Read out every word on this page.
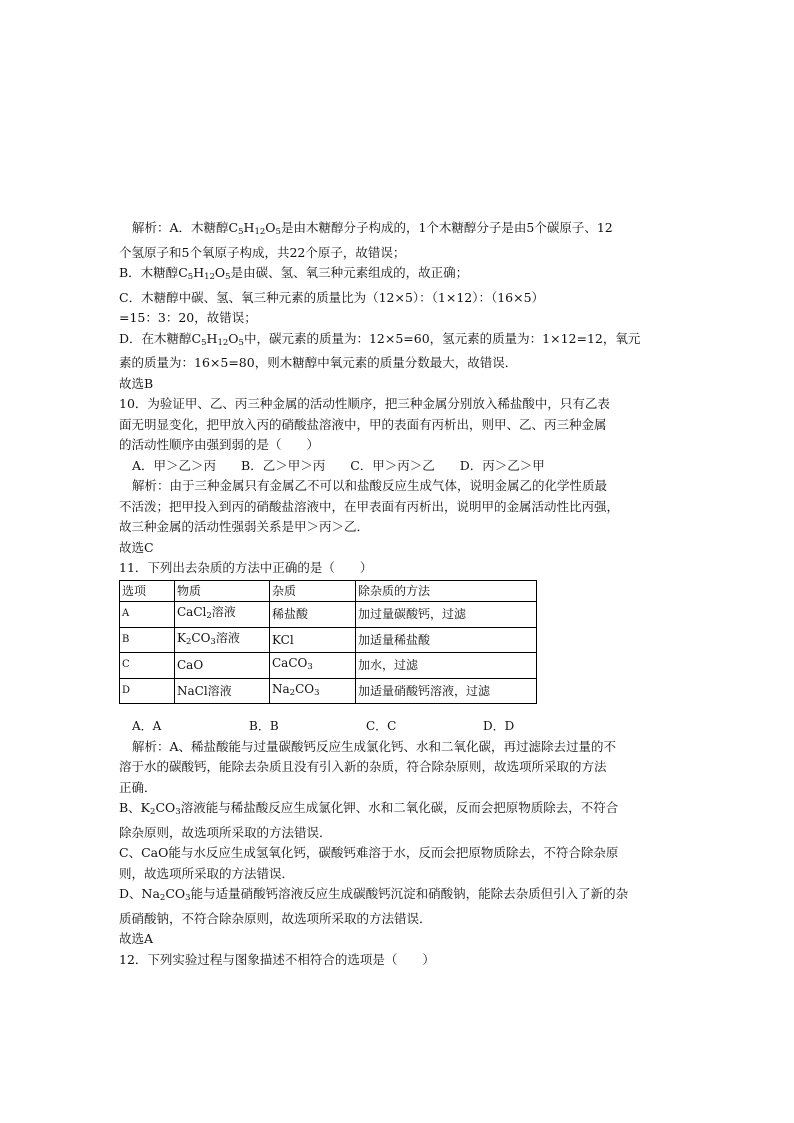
解析：A．木糖醇$C_5H_{12}O_5$是由木糖醇分子构成的，1个木糖醇分子是由5个碳原子、12

个氢原子和5个氧原子构成，共22个原子，故错误；

B．木糖醇$C_5H_{12}O_5$是由碳、氢、氧三种元素组成的，故正确；

C．木糖醇中碳、氢、氧三种元素的质量比为（12×5）：（1×12）：（16×5）

=15：3：20，故错误；

D．在木糖醇$C_5H_{12}O_5$中，碳元素的质量为：12×5=60，氢元素的质量为：1×12=12，氧元

素的质量为：16×5=80，则木糖醇中氧元素的质量分数最大，故错误．

故选B

10．为验证甲、乙、丙三种金属的活动性顺序，把三种金属分别放入稀盐酸中，只有乙表

面无明显变化，把甲放入丙的硝酸盐溶液中，甲的表面有丙析出，则甲、乙、丙三种金属

的活动性顺序由强到弱的是（　　）

A．甲＞乙＞丙　　B．乙＞甲＞丙　　C．甲＞丙＞乙　　D．丙＞乙＞甲

解析：由于三种金属只有金属乙不可以和盐酸反应生成气体，说明金属乙的化学性质最

不活泼；把甲投入到丙的硝酸盐溶液中，在甲表面有丙析出，说明甲的金属活动性比丙强，

故三种金属的活动性强弱关系是甲＞丙＞乙．

故选C

11．下列出去杂质的方法中正确的是（　　）

选项	物质	杂质	除杂质的方法
A	CaCl$_2$溶液	稀盐酸	加过量碳酸钙，过滤
B	$K_2CO_3$溶液	KCl	加适量稀盐酸
C	CaO	CaCO$_3$	加水，过滤
D	NaCl溶液	$Na_2CO_3$	加适量硝酸钙溶液，过滤
A．A	B．B	C．C	D．D

解析：A、稀盐酸能与过量碳酸钙反应生成氯化钙、水和二氧化碳，再过滤除去过量的不

溶于水的碳酸钙，能除去杂质且没有引入新的杂质，符合除杂原则，故选项所采取的方法

正确．

B、$K_2CO_3$溶液能与稀盐酸反应生成氯化钾、水和二氧化碳，反而会把原物质除去，不符合

除杂原则，故选项所采取的方法错误．

C、CaO能与水反应生成氢氧化钙，碳酸钙难溶于水，反而会把原物质除去，不符合除杂原

则，故选项所采取的方法错误．

D、$Na_2CO_3$能与适量硝酸钙溶液反应生成碳酸钙沉淀和硝酸钠，能除去杂质但引入了新的杂

质硝酸钠，不符合除杂原则，故选项所采取的方法错误．

故选A

12．下列实验过程与图象描述不相符合的选项是（　　）
